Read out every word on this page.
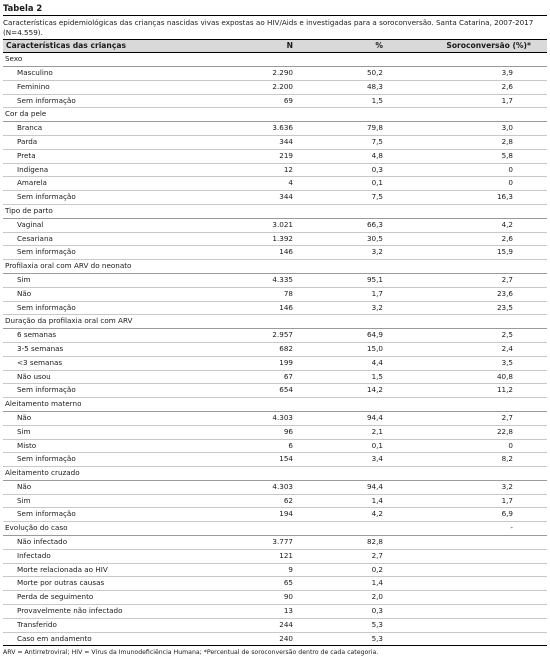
Tabela 2
Características epidemiológicas das crianças nascidas vivas expostas ao HIV/Aids e investigadas para a soroconversão. Santa Catarina, 2007-2017 (N=4.559).
Características das crianças	N	%	Soroconversão (%)*
Sexo			
Masculino	2.290	50,2	3,9
Feminino	2.200	48,3	2,6
Sem informação	69	1,5	1,7
Cor da pele			
Branca	3.636	79,8	3,0
Parda	344	7,5	2,8
Preta	219	4,8	5,8
Indígena	12	0,3	0
Amarela	4	0,1	0
Sem informação	344	7,5	16,3
Tipo de parto			
Vaginal	3.021	66,3	4,2
Cesariana	1.392	30,5	2,6
Sem informação	146	3,2	15,9
Profilaxia oral com ARV do neonato			
Sim	4.335	95,1	2,7
Não	78	1,7	23,6
Sem informação	146	3,2	23,5
Duração da profilaxia oral com ARV			
6 semanas	2.957	64,9	2,5
3-5 semanas	682	15,0	2,4
<3 semanas	199	4,4	3,5
Não usou	67	1,5	40,8
Sem informação	654	14,2	11,2
Aleitamento materno			
Não	4.303	94,4	2,7
Sim	96	2,1	22,8
Misto	6	0,1	0
Sem informação	154	3,4	8,2
Aleitamento cruzado			
Não	4.303	94,4	3,2
Sim	62	1,4	1,7
Sem informação	194	4,2	6,9
Evolução do caso			-
Não infectado	3.777	82,8	
Infectado	121	2,7	
Morte relacionada ao HIV	9	0,2	
Morte por outras causas	65	1,4	
Perda de seguimento	90	2,0	
Provavelmente não infectado	13	0,3	
Transferido	244	5,3	
Caso em andamento	240	5,3	
ARV = Antirretroviral; HIV = Vírus da Imunodeficiência Humana; *Percentual de soroconversão dentro de cada categoria.
